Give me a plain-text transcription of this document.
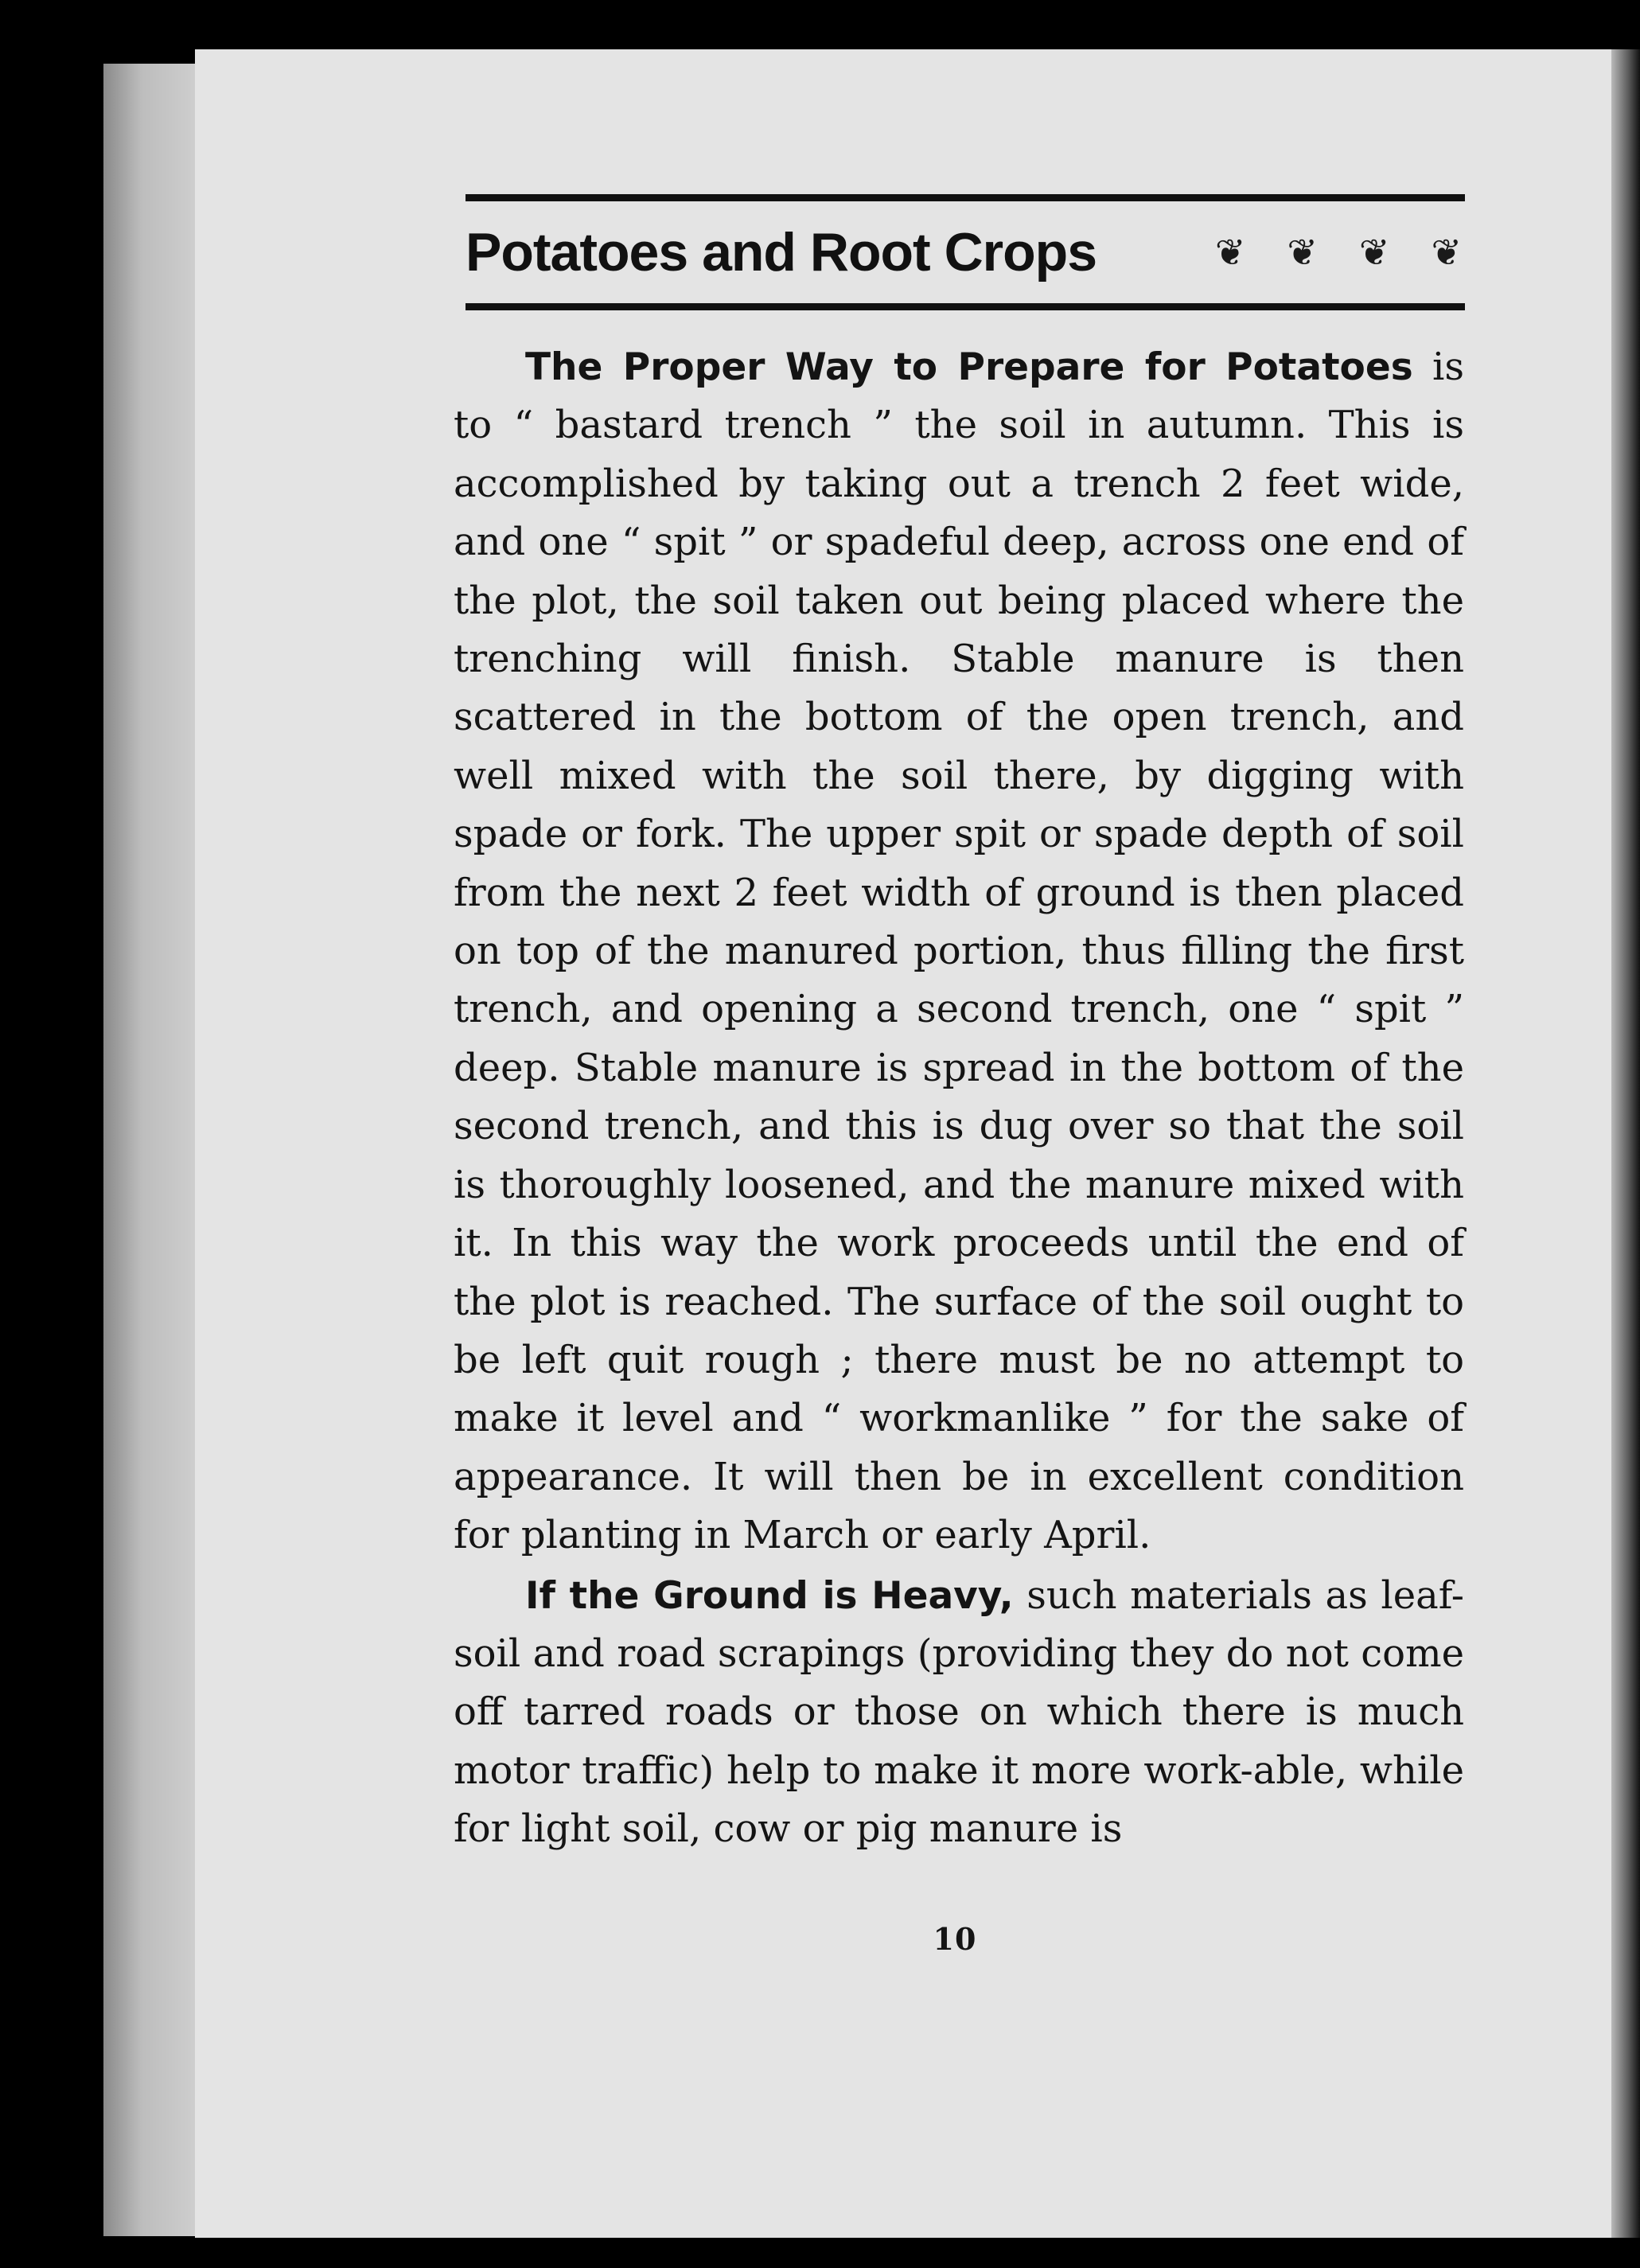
Potatoes and Root Crops	❦ ❦ ❦ ❦

The Proper Way to Prepare for Potatoes is to “ bastard trench ” the soil in autumn. This is accomplished by taking out a trench 2 feet wide, and one “ spit ” or spadeful deep, across one end of the plot, the soil taken out being placed where the trenching will finish. Stable manure is then scattered in the bottom of the open trench, and well mixed with the soil there, by digging with spade or fork. The upper spit or spade depth of soil from the next 2 feet width of ground is then placed on top of the manured portion, thus filling the first trench, and opening a second trench, one “ spit ” deep. Stable manure is spread in the bottom of the second trench, and this is dug over so that the soil is thoroughly loosened, and the manure mixed with it. In this way the work proceeds until the end of the plot is reached. The surface of the soil ought to be left quit rough ; there must be no attempt to make it level and “ workmanlike ” for the sake of appearance. It will then be in excellent condition for planting in March or early April.

If the Ground is Heavy, such materials as leaf-soil and road scrapings (providing they do not come off tarred roads or those on which there is much motor traffic) help to make it more work-able, while for light soil, cow or pig manure is

10
